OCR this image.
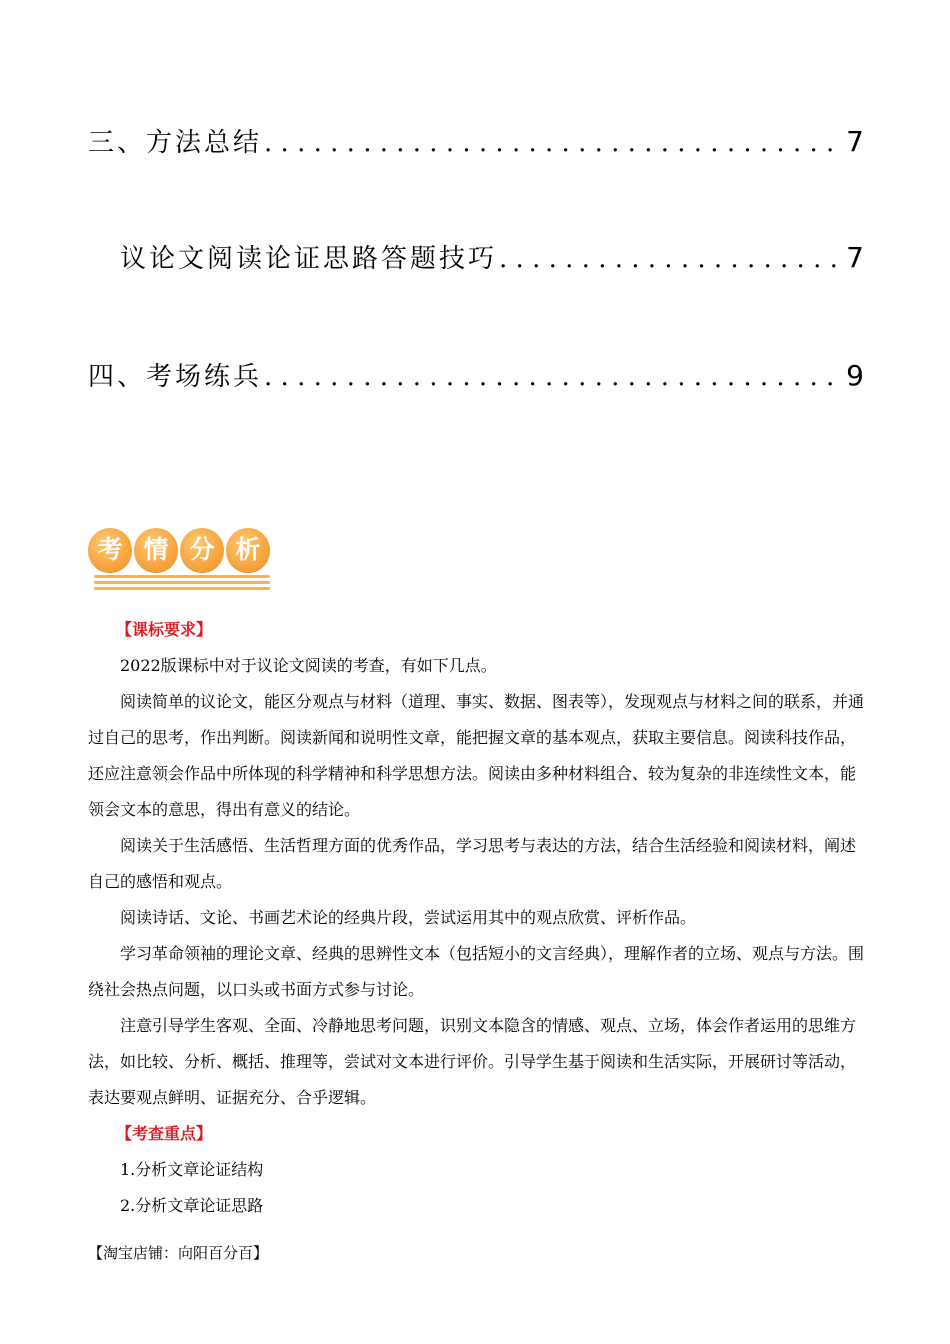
三、方法总结 . . .	7
议论文阅读论证思路答题技巧 . . .	7
四、考场练兵 . . .	9
考 情 分 析

【课标要求】

2022版课标中对于议论文阅读的考查，有如下几点。

阅读简单的议论文，能区分观点与材料（道理、事实、数据、图表等），发现观点与材料之间的联系，并通过自己的思考，作出判断。阅读新闻和说明性文章，能把握文章的基本观点，获取主要信息。阅读科技作品，还应注意领会作品中所体现的科学精神和科学思想方法。阅读由多种材料组合、较为复杂的非连续性文本，能领会文本的意思，得出有意义的结论。

阅读关于生活感悟、生活哲理方面的优秀作品，学习思考与表达的方法，结合生活经验和阅读材料，阐述自己的感悟和观点。

阅读诗话、文论、书画艺术论的经典片段，尝试运用其中的观点欣赏、评析作品。

学习革命领袖的理论文章、经典的思辨性文本（包括短小的文言经典），理解作者的立场、观点与方法。围绕社会热点问题，以口头或书面方式参与讨论。

注意引导学生客观、全面、冷静地思考问题，识别文本隐含的情感、观点、立场，体会作者运用的思维方法，如比较、分析、概括、推理等，尝试对文本进行评价。引导学生基于阅读和生活实际，开展研讨等活动，表达要观点鲜明、证据充分、合乎逻辑。

【考查重点】

1.分析文章论证结构

2.分析文章论证思路

【淘宝店铺：向阳百分百】
